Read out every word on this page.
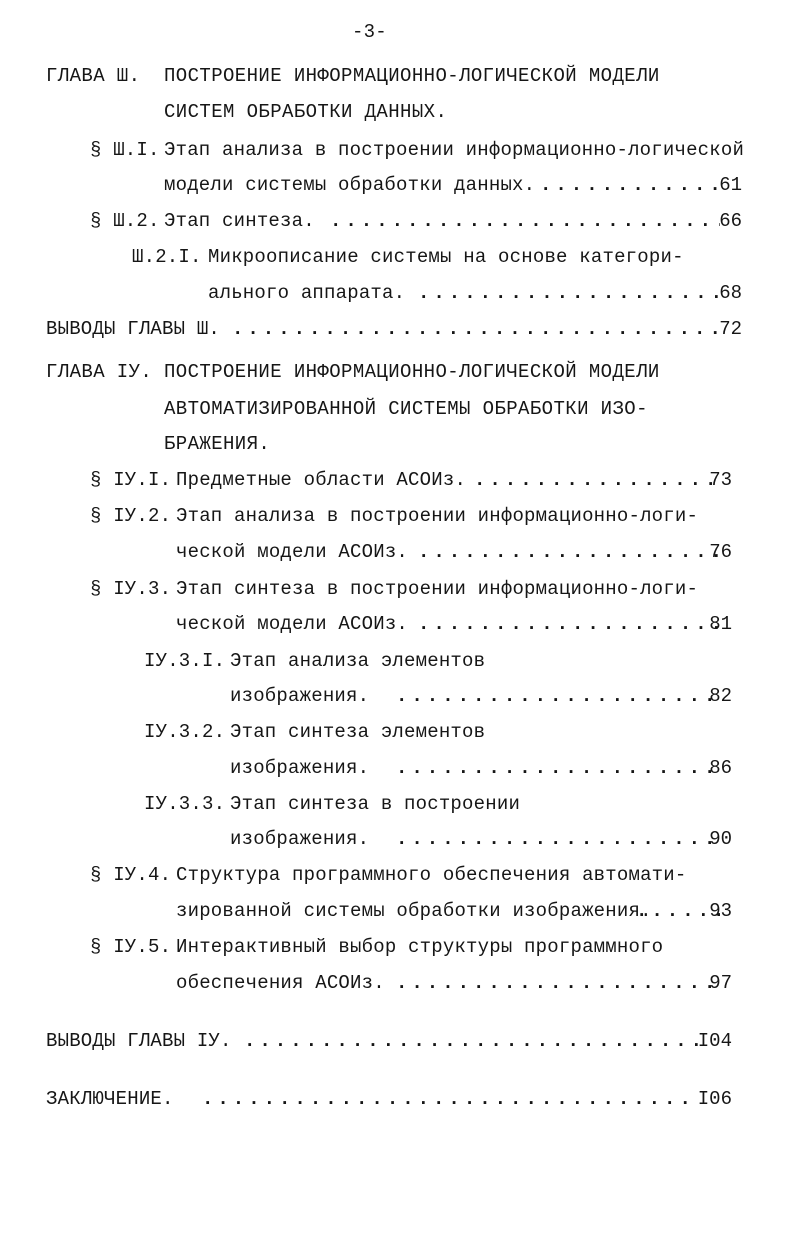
-3-
ГЛАВА Ш. ПОСТРОЕНИЕ ИНФОРМАЦИОННО-ЛОГИЧЕСКОЙ МОДЕЛИ
СИСТЕМ ОБРАБОТКИ ДАННЫХ.
§ Ш.I. Этап анализа в построении информационно-логической
модели системы обработки данных. .....	61
§ Ш.2. Этап синтеза. .....	66
Ш.2.I. Микроописание системы на основе категори-
ального аппарата. .....	68
ВЫВОДЫ ГЛАВЫ Ш. .....	72
ГЛАВА IУ. ПОСТРОЕНИЕ ИНФОРМАЦИОННО-ЛОГИЧЕСКОЙ МОДЕЛИ
АВТОМАТИЗИРОВАННОЙ СИСТЕМЫ ОБРАБОТКИ ИЗО-
БРАЖЕНИЯ.
§ IУ.I. Предметные области АСОИз. .....	73
§ IУ.2. Этап анализа в построении информационно-логи-
ческой модели АСОИз. .....	76
§ IУ.3. Этап синтеза в построении информационно-логи-
ческой модели АСОИз. .....	81
IУ.3.I. Этап анализа элементов
изображения. .....	82
IУ.3.2. Этап синтеза элементов
изображения. .....	86
IУ.3.3. Этап синтеза в построении
изображения. .....	90
§ IУ.4. Структура программного обеспечения автомати-
зированной системы обработки изображения. .....	93
§ IУ.5. Интерактивный выбор структуры программного
обеспечения АСОИз. .....	97
ВЫВОДЫ ГЛАВЫ IУ. .....	I04
ЗАКЛЮЧЕНИЕ. .....	I06
